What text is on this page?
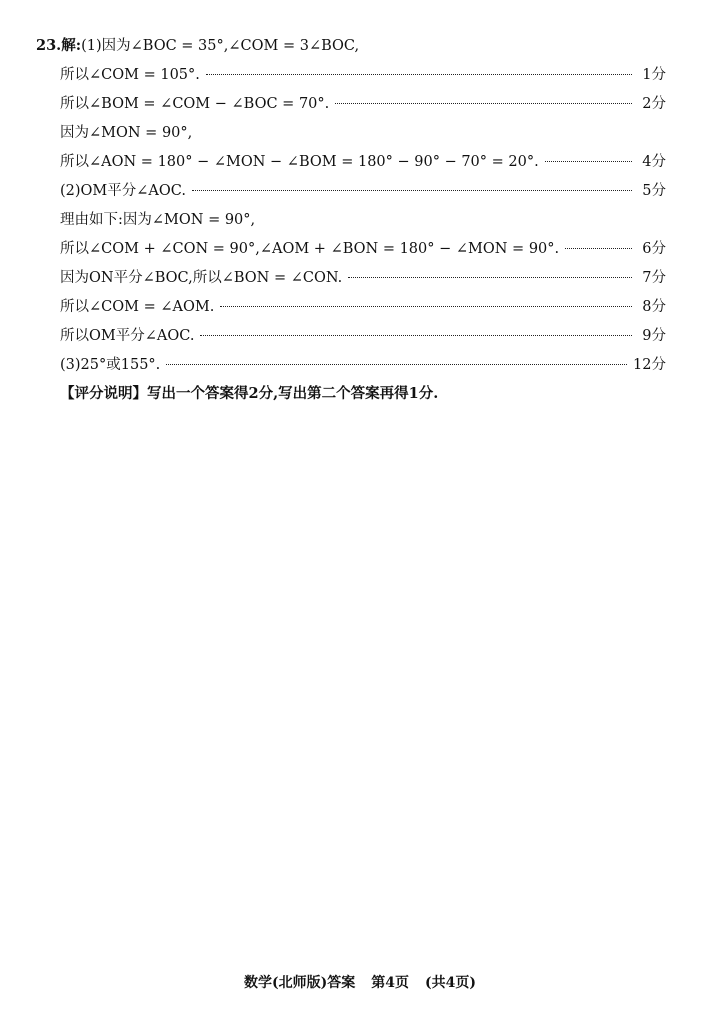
23. 解: (1)因为∠BOC = 35°,∠COM = 3∠BOC,
所以∠COM = 105°.	1分
所以∠BOM = ∠COM − ∠BOC = 70°.	2分
因为∠MON = 90°,
所以∠AON = 180° − ∠MON − ∠BOM = 180° − 90° − 70° = 20°.	4分
(2)OM平分∠AOC.	5分
理由如下:因为∠MON = 90°,
所以∠COM + ∠CON = 90°,∠AOM + ∠BON = 180° − ∠MON = 90°.	6分
因为ON平分∠BOC,所以∠BON = ∠CON.	7分
所以∠COM = ∠AOM.	8分
所以OM平分∠AOC.	9分
(3)25°或155°.	12分
【评分说明】写出一个答案得2分,写出第二个答案再得1分.
数学(北师版)答案 第4页 (共4页)
